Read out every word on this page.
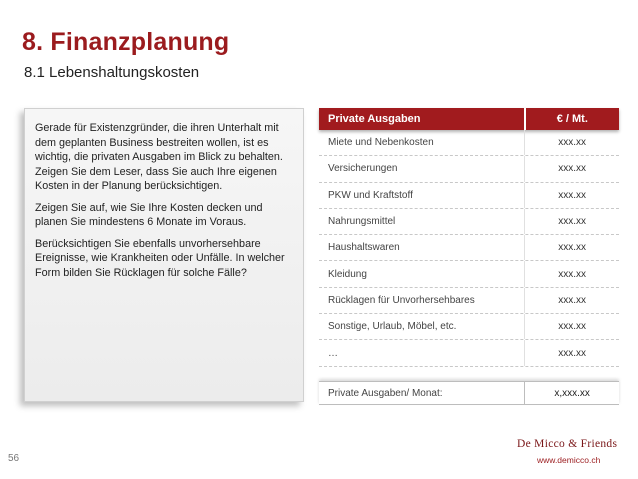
8. Finanzplanung
8.1 Lebenshaltungskosten

Gerade für Existenzgründer, die ihren Unterhalt mit dem geplanten Business bestreiten wollen, ist es wichtig, die privaten Ausgaben im Blick zu behalten. Zeigen Sie dem Leser, dass Sie auch Ihre eigenen Kosten in der Planung berücksichtigen.

Zeigen Sie auf, wie Sie Ihre Kosten decken und planen Sie mindestens 6 Monate im Voraus.

Berücksichtigen Sie ebenfalls unvorhersehbare Ereignisse, wie Krankheiten oder Unfälle. In welcher Form bilden Sie Rücklagen für solche Fälle?

Private Ausgaben	€ / Mt.
Miete und Nebenkosten	xxx.xx
Versicherungen	xxx.xx
PKW und Kraftstoff	xxx.xx
Nahrungsmittel	xxx.xx
Haushaltswaren	xxx.xx
Kleidung	xxx.xx
Rücklagen für Unvorhersehbares	xxx.xx
Sonstige, Urlaub, Möbel, etc.	xxx.xx
…	xxx.xx
Private Ausgaben/ Monat:	x,xxx.xx
56
De Micco & Friends
www.demicco.ch
